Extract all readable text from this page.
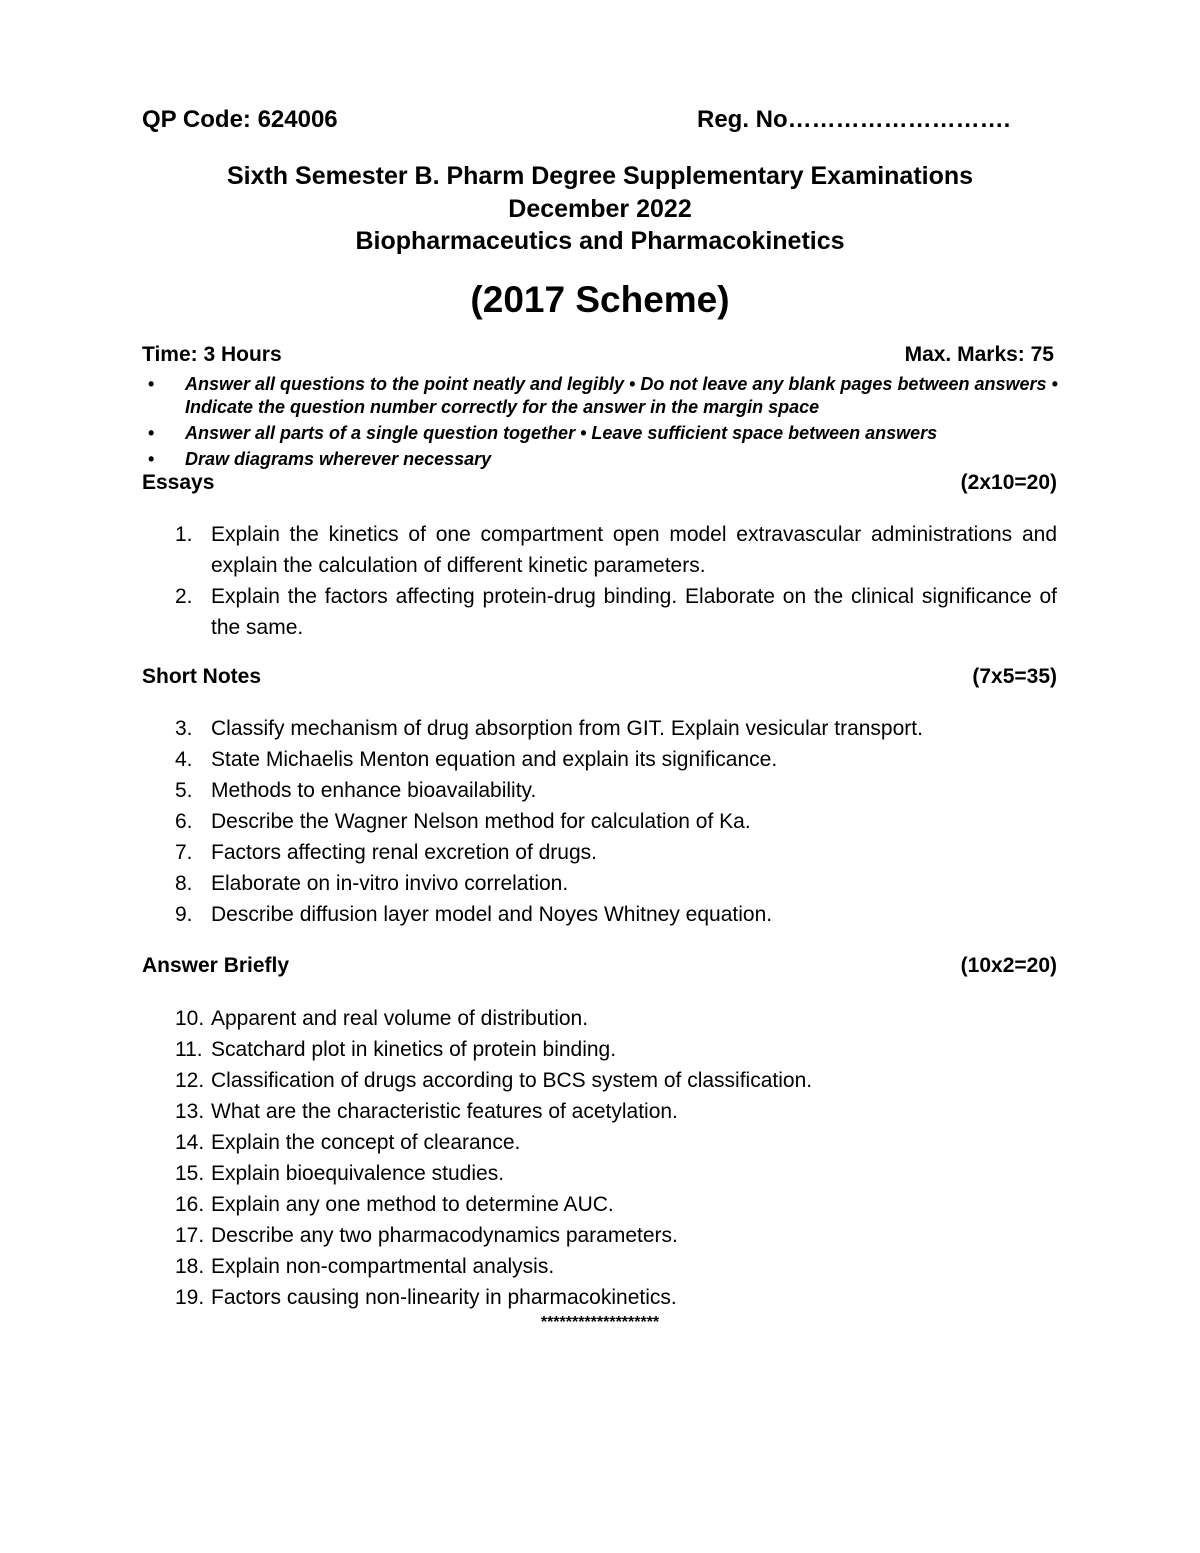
QP Code: 624006	Reg. No……………………….
Sixth Semester B. Pharm Degree Supplementary Examinations
December 2022
Biopharmaceutics and Pharmacokinetics
(2017 Scheme)
Time: 3 Hours	Max. Marks: 75
• Answer all questions to the point neatly and legibly • Do not leave any blank pages between answers • Indicate the question number correctly for the answer in the margin space
• Answer all parts of a single question together • Leave sufficient space between answers
• Draw diagrams wherever necessary
Essays	(2x10=20)
1. Explain the kinetics of one compartment open model extravascular administrations and explain the calculation of different kinetic parameters.
2. Explain the factors affecting protein-drug binding. Elaborate on the clinical significance of the same.
Short Notes	(7x5=35)
3. Classify mechanism of drug absorption from GIT. Explain vesicular transport.
4. State Michaelis Menton equation and explain its significance.
5. Methods to enhance bioavailability.
6. Describe the Wagner Nelson method for calculation of Ka.
7. Factors affecting renal excretion of drugs.
8. Elaborate on in-vitro invivo correlation.
9. Describe diffusion layer model and Noyes Whitney equation.
Answer Briefly	(10x2=20)
10. Apparent and real volume of distribution.
11. Scatchard plot in kinetics of protein binding.
12. Classification of drugs according to BCS system of classification.
13. What are the characteristic features of acetylation.
14. Explain the concept of clearance.
15. Explain bioequivalence studies.
16. Explain any one method to determine AUC.
17. Describe any two pharmacodynamics parameters.
18. Explain non-compartmental analysis.
19. Factors causing non-linearity in pharmacokinetics.
*******************
